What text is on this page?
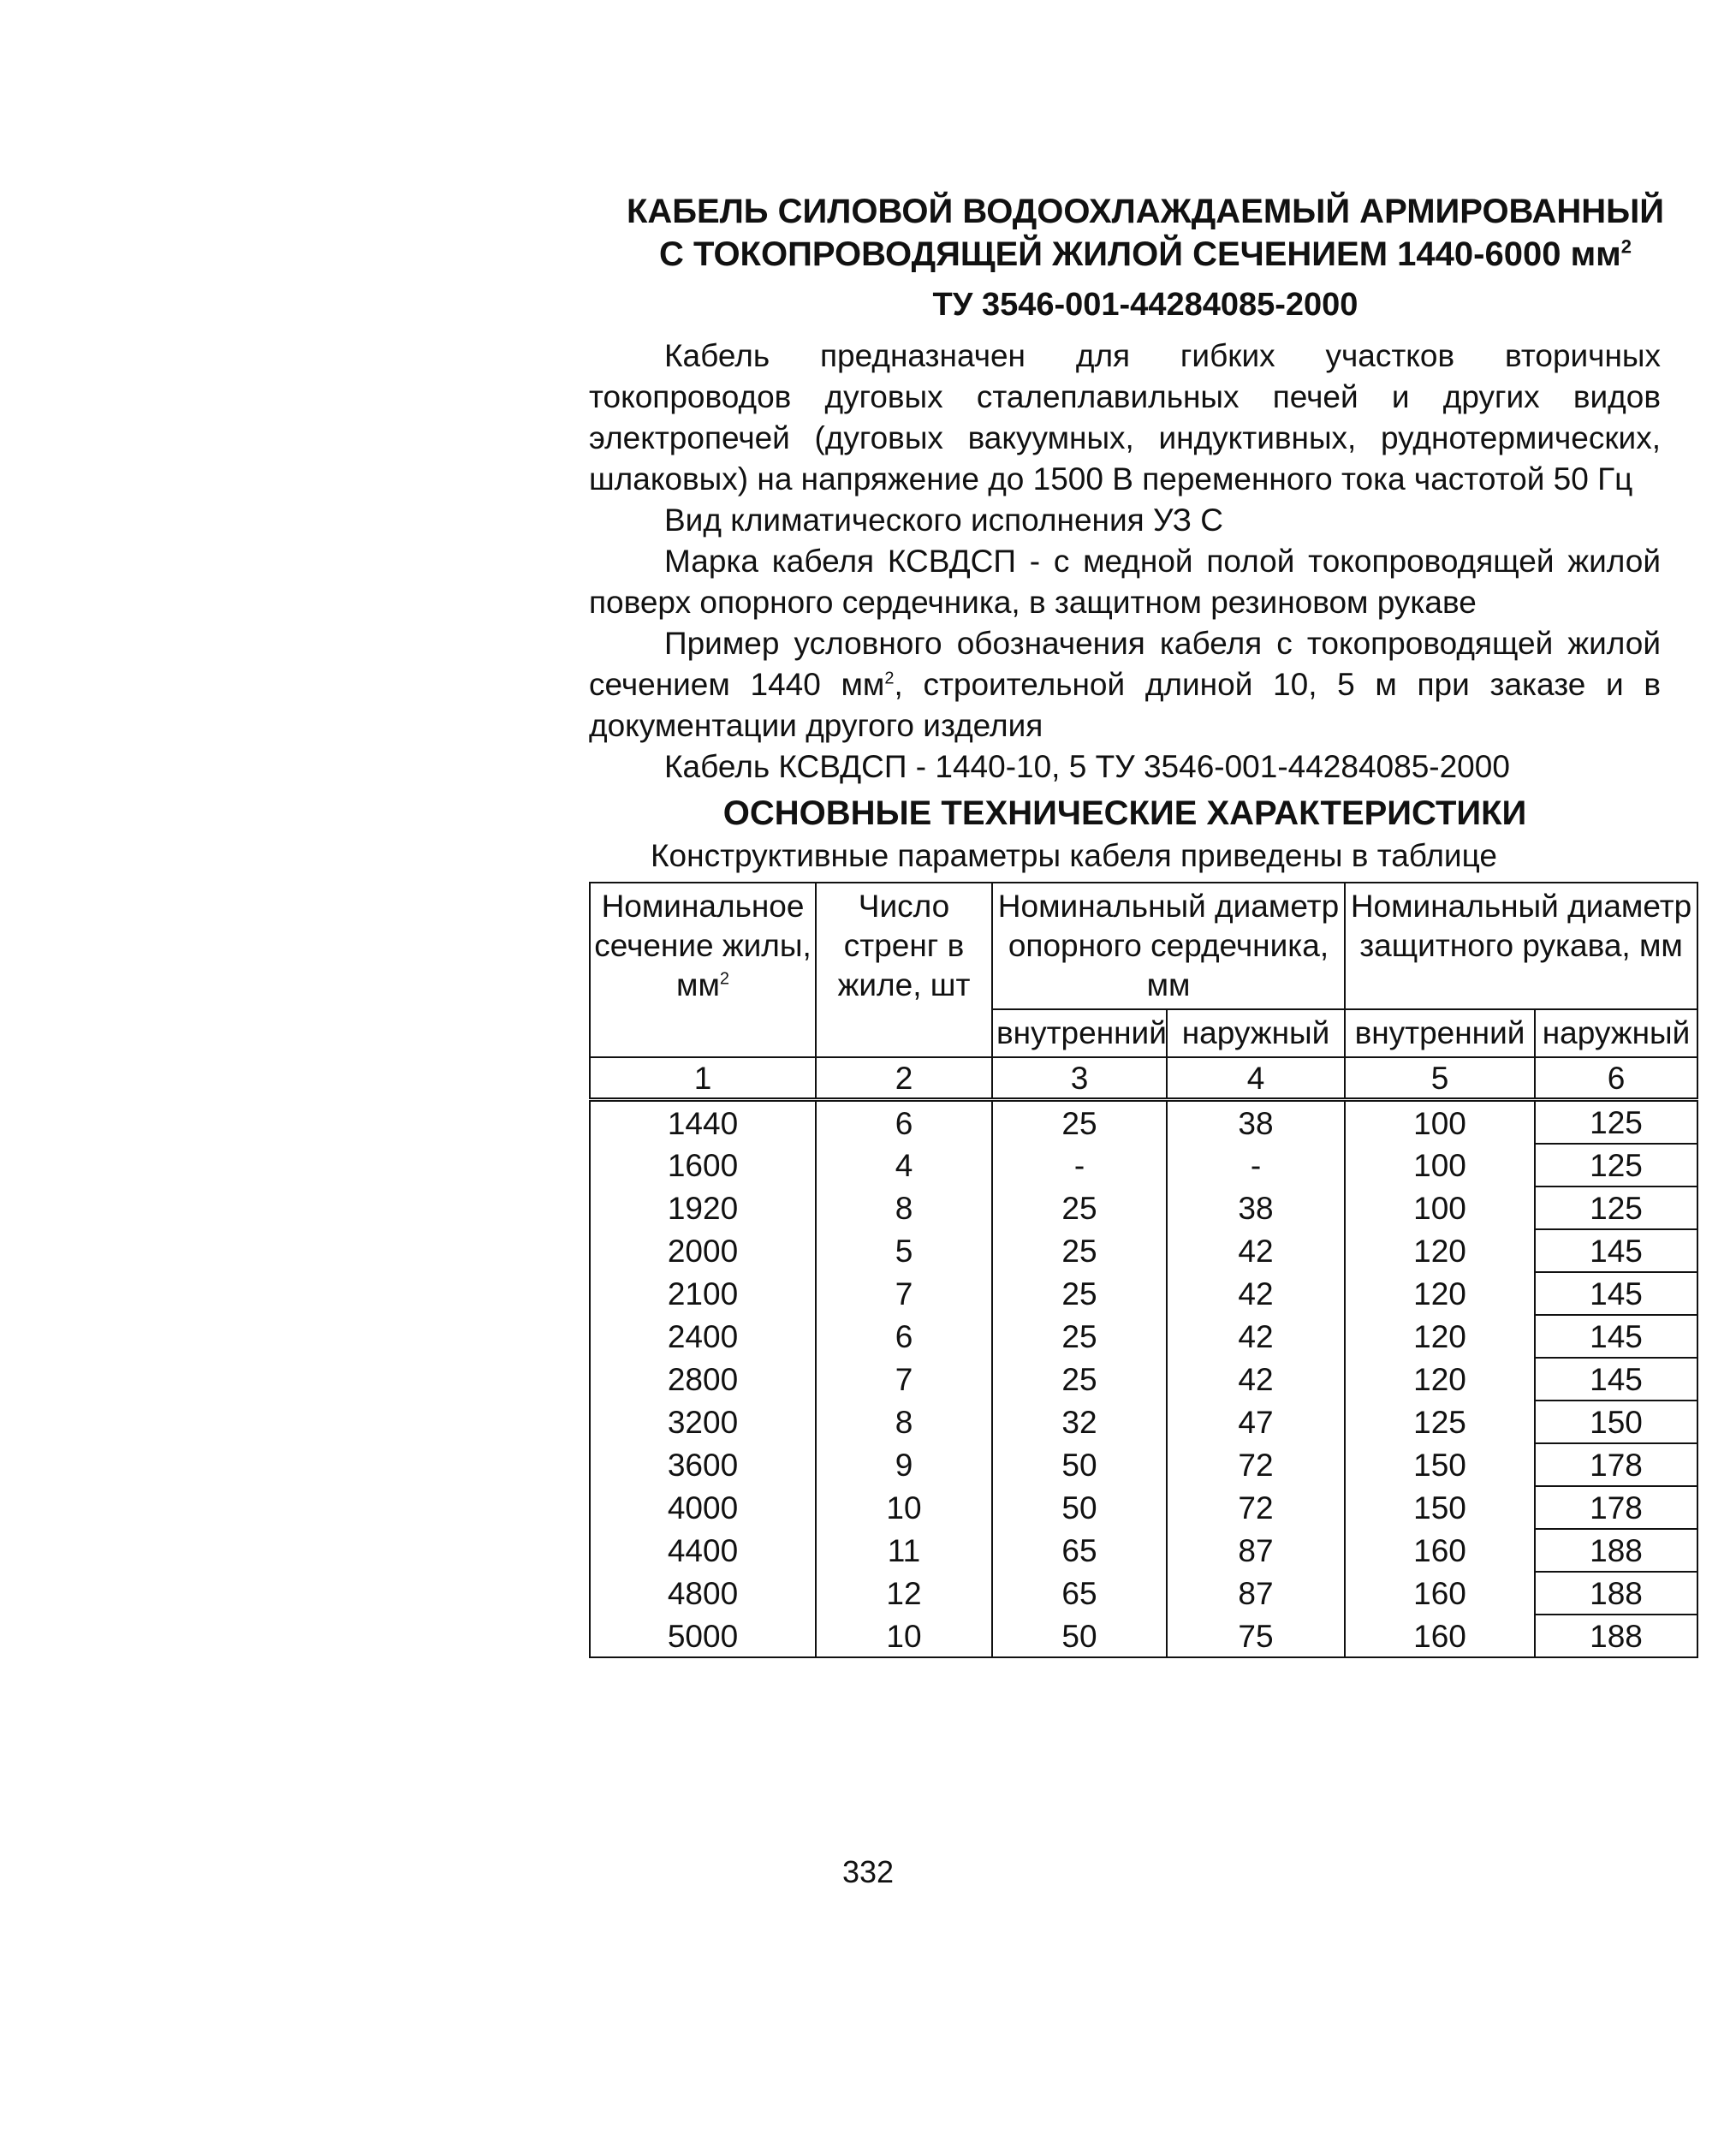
КАБЕЛЬ СИЛОВОЙ ВОДООХЛАЖДАЕМЫЙ АРМИРОВАННЫЙ
С ТОКОПРОВОДЯЩЕЙ ЖИЛОЙ СЕЧЕНИЕМ 1440-6000 $мм^2$
ТУ 3546-001-44284085-2000

Кабель предназначен для гибких участков вторичных токопроводов дуговых сталеплавильных печей и других видов электропечей (дуговых вакуумных, индуктивных, руднотермических, шлаковых) на напряжение до 1500 В переменного тока частотой 50 Гц

Вид климатического исполнения УЗ С

Марка кабеля КСВДСП - с медной полой токопроводящей жилой поверх опорного сердечника, в защитном резиновом рукаве

Пример условного обозначения кабеля с токопроводящей жилой сечением 1440 $мм^2$, строительной длиной 10, 5 м при заказе и в документации другого изделия

Кабель КСВДСП - 1440-10, 5 ТУ 3546-001-44284085-2000

ОСНОВНЫЕ ТЕХНИЧЕСКИЕ ХАРАКТЕРИСТИКИ

Конструктивные параметры кабеля приведены в таблице

Номинальное сечение жилы, $мм^2$	Число стренг в жиле, шт	Номинальный диаметр опорного сердечника, мм		Номинальный диаметр защитного рукава, мм	
		внутренний	наружный	внутренний	наружный
1	2	3	4	5	6
1440	6	25	38	100	125
1600	4	-	-	100	125
1920	8	25	38	100	125
2000	5	25	42	120	145
2100	7	25	42	120	145
2400	6	25	42	120	145
2800	7	25	42	120	145
3200	8	32	47	125	150
3600	9	50	72	150	178
4000	10	50	72	150	178
4400	11	65	87	160	188
4800	12	65	87	160	188
5000	10	50	75	160	188
332
